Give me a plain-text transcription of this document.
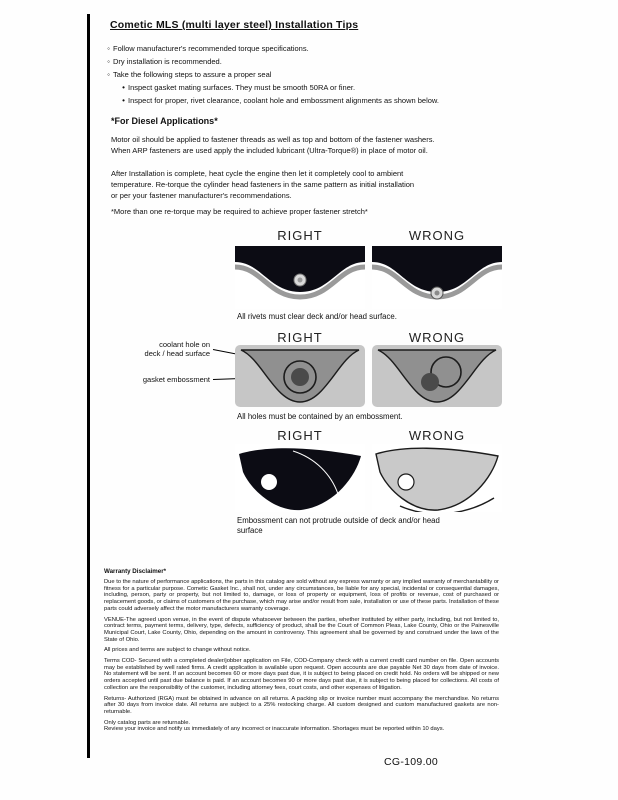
Cometic MLS (multi layer steel) Installation Tips
◦ Follow manufacturer's recommended torque specifications.
◦ Dry installation is recommended.
◦ Take the following steps to assure a proper seal
• Inspect gasket mating surfaces. They must be smooth 50RA or finer.
• Inspect for proper, rivet clearance, coolant hole and embossment alignments as shown below.
*For Diesel Applications*
Motor oil should be applied to fastener threads as well as top and bottom of the fastener washers.
When ARP fasteners are used apply the included lubricant (Ultra-Torque®) in place of motor oil.
After Installation is complete, heat cycle the engine then let it completely cool to ambient
temperature. Re-torque the cylinder head fasteners in the same pattern as initial installation
or per your fastener manufacturer's recommendations.
*More than one re-torque may be required to achieve proper fastener stretch*
RIGHT	WRONG
All rivets must clear deck and/or head surface.
RIGHT	WRONG
coolant hole on
deck / head surface
gasket embossment
All holes must be contained by an embossment.
RIGHT	WRONG
Embossment can not protrude outside of deck and/or head surface
Warranty Disclaimer*

Due to the nature of performance applications, the parts in this catalog are sold without any express warranty or any implied warranty of merchantability or fitness for a particular purpose. Cometic Gasket Inc., shall not, under any circumstances, be liable for any special, incidental or consequential damages, including, person, party or property, but not limited to, damage, or loss of property or equipment, loss of profits or revenue, cost of purchased or replacement goods, or claims of customers of the purchase, which may arise and/or result from sale, installation or use of these parts. Installation of these parts could adversely affect the motor manufacturers warranty coverage.

VENUE-The agreed upon venue, in the event of dispute whatsoever between the parties, whether instituted by either party, including, but not limited to, contract terms, payment terms, delivery, type, defects, sufficiency of product, shall be the Court of Common Pleas, Lake County, Ohio or the Painesville Municipal Court, Lake County, Ohio, depending on the amount in controversy. This agreement shall be governed by and construed under the laws of the State of Ohio.

All prices and terms are subject to change without notice.

Terms COD- Secured with a completed dealer/jobber application on File, COD-Company check with a current credit card number on file. Open accounts may be established by well rated firms. A credit application is available upon request. Open accounts are due payable Net 30 days from date of invoice. No statement will be sent. If an account becomes 60 or more days past due, it is subject to being placed on credit hold. No orders will be shipped or new orders accepted until past due balance is paid. If an account becomes 90 or more days past due, it is subject to being placed for collections. All costs of collection are the responsibility of the customer, including attorney fees, court costs, and other expenses of litigation.

Returns- Authorized (RGA) must be obtained in advance on all returns. A packing slip or invoice number must accompany the merchandise. No returns after 30 days from invoice date. All returns are subject to a 25% restocking charge. All custom designed and custom manufactured gaskets are non-returnable.

Only catalog parts are returnable.

Review your invoice and notify us immediately of any incorrect or inaccurate information. Shortages must be reported within 10 days.

CG-109.00
